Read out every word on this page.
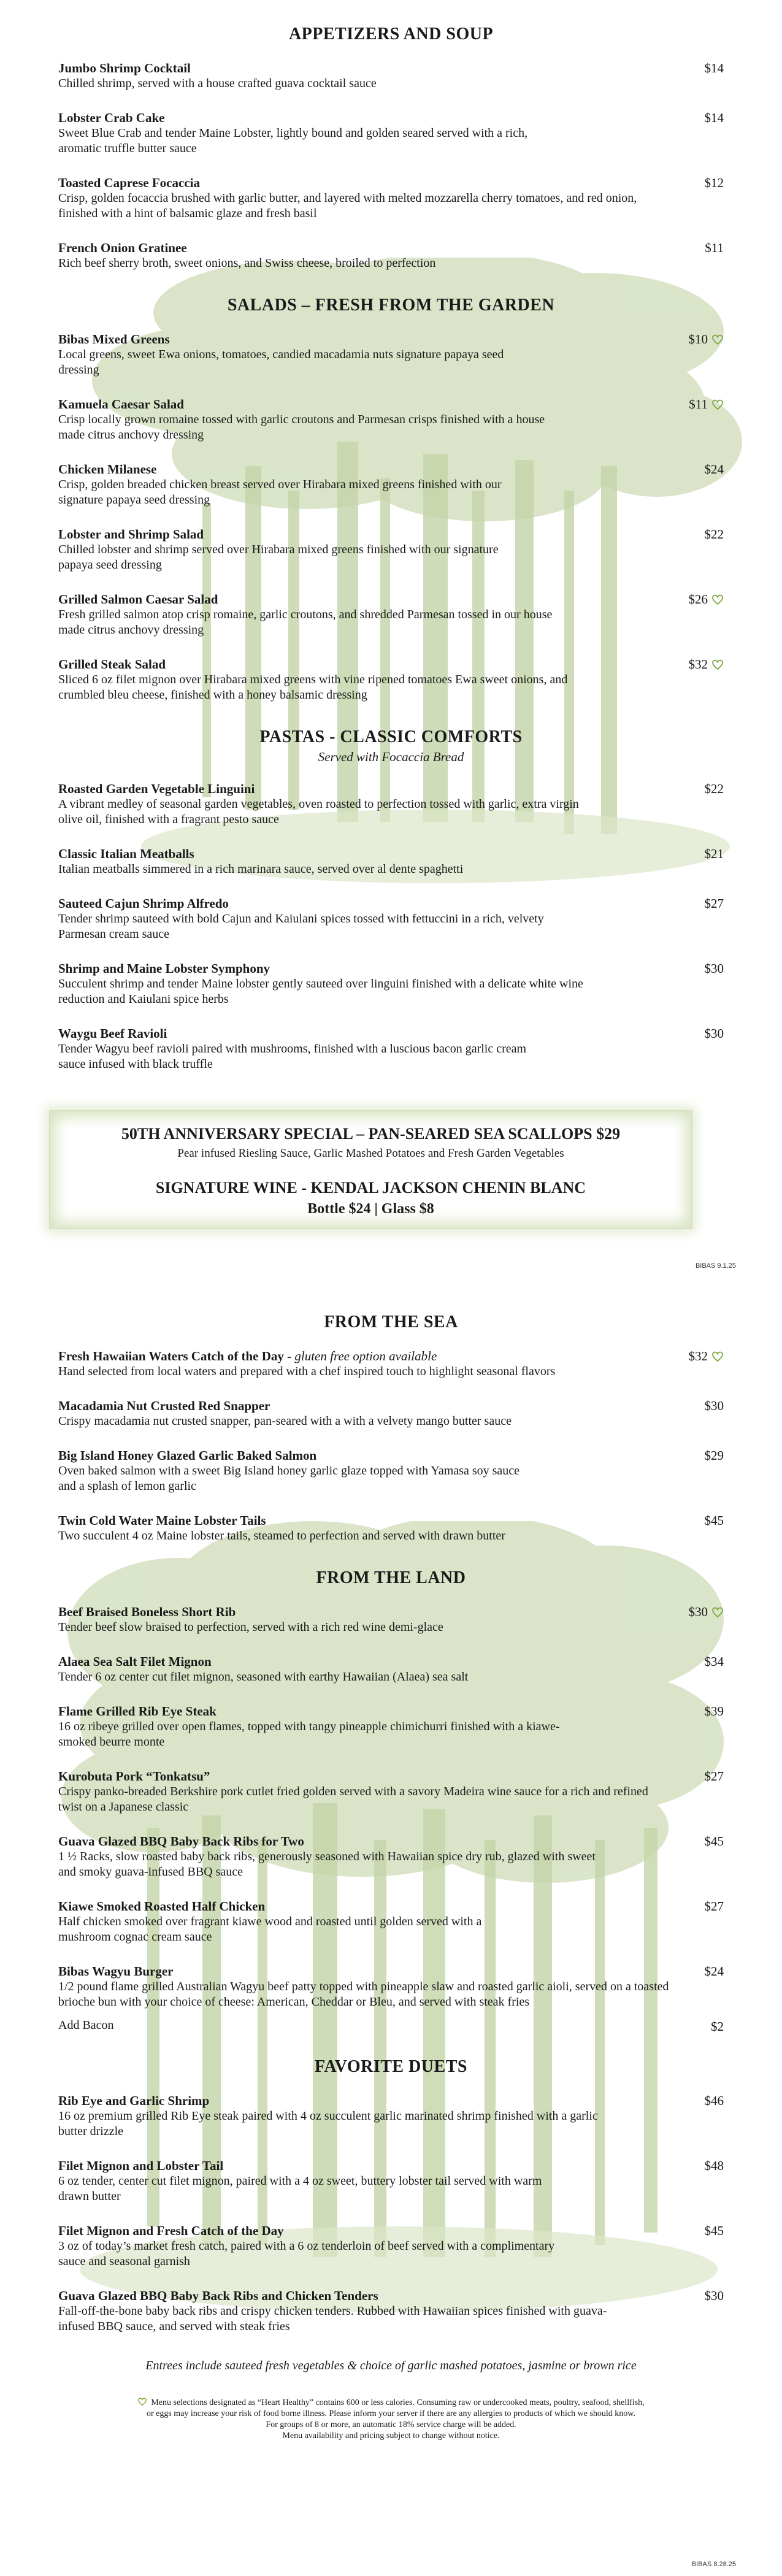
APPETIZERS AND SOUP
Jumbo Shrimp Cocktail
Chilled shrimp, served with a house crafted guava cocktail sauce
$14
Lobster Crab Cake
Sweet Blue Crab and tender Maine Lobster, lightly bound and golden seared served with a rich, aromatic truffle butter sauce
$14
Toasted Caprese Focaccia
Crisp, golden focaccia brushed with garlic butter, and layered with melted mozzarella cherry tomatoes, and red onion, finished with a hint of balsamic glaze and fresh basil
$12
French Onion Gratinee
Rich beef sherry broth, sweet onions, and Swiss cheese, broiled to perfection
$11
SALADS – FRESH FROM THE GARDEN
Bibas Mixed Greens
Local greens, sweet Ewa onions, tomatoes, candied macadamia nuts signature papaya seed dressing
$10
Kamuela Caesar Salad
Crisp locally grown romaine tossed with garlic croutons and Parmesan crisps finished with a house made citrus anchovy dressing
$11
Chicken Milanese
Crisp, golden breaded chicken breast served over Hirabara mixed greens finished with our signature papaya seed dressing
$24
Lobster and Shrimp Salad
Chilled lobster and shrimp served over Hirabara mixed greens finished with our signature papaya seed dressing
$22
Grilled Salmon Caesar Salad
Fresh grilled salmon atop crisp romaine, garlic croutons, and shredded Parmesan tossed in our house made citrus anchovy dressing
$26
Grilled Steak Salad
Sliced 6 oz filet mignon over Hirabara mixed greens with vine ripened tomatoes Ewa sweet onions, and crumbled bleu cheese, finished with a honey balsamic dressing
$32
PASTAS - CLASSIC COMFORTS
Served with Focaccia Bread
Roasted Garden Vegetable Linguini
A vibrant medley of seasonal garden vegetables, oven roasted to perfection tossed with garlic, extra virgin olive oil, finished with a fragrant pesto sauce
$22
Classic Italian Meatballs
Italian meatballs simmered in a rich marinara sauce, served over al dente spaghetti
$21
Sauteed Cajun Shrimp Alfredo
Tender shrimp sauteed with bold Cajun and Kaiulani spices tossed with fettuccini in a rich, velvety Parmesan cream sauce
$27
Shrimp and Maine Lobster Symphony
Succulent shrimp and tender Maine lobster gently sauteed over linguini finished with a delicate white wine reduction and Kaiulani spice herbs
$30
Waygu Beef Ravioli
Tender Wagyu beef ravioli paired with mushrooms, finished with a luscious bacon garlic cream sauce infused with black truffle
$30
50TH ANNIVERSARY SPECIAL – PAN-SEARED SEA SCALLOPS $29
Pear infused Riesling Sauce, Garlic Mashed Potatoes and Fresh Garden Vegetables
SIGNATURE WINE - KENDAL JACKSON CHENIN BLANC
Bottle $24 | Glass $8
BIBAS 9.1.25
FROM THE SEA
Fresh Hawaiian Waters Catch of the Day - gluten free option available
Hand selected from local waters and prepared with a chef inspired touch to highlight seasonal flavors
$32
Macadamia Nut Crusted Red Snapper
Crispy macadamia nut crusted snapper, pan-seared with a with a velvety mango butter sauce
$30
Big Island Honey Glazed Garlic Baked Salmon
Oven baked salmon with a sweet Big Island honey garlic glaze topped with Yamasa soy sauce and a splash of lemon garlic
$29
Twin Cold Water Maine Lobster Tails
Two succulent 4 oz Maine lobster tails, steamed to perfection and served with drawn butter
$45
FROM THE LAND
Beef Braised Boneless Short Rib
Tender beef slow braised to perfection, served with a rich red wine demi-glace
$30
Alaea Sea Salt Filet Mignon
Tender 6 oz center cut filet mignon, seasoned with earthy Hawaiian (Alaea) sea salt
$34
Flame Grilled Rib Eye Steak
16 oz ribeye grilled over open flames, topped with tangy pineapple chimichurri finished with a kiawe-smoked beurre monte
$39
Kurobuta Pork “Tonkatsu”
Crispy panko-breaded Berkshire pork cutlet fried golden served with a savory Madeira wine sauce for a rich and refined twist on a Japanese classic
$27
Guava Glazed BBQ Baby Back Ribs for Two
1 ½ Racks, slow roasted baby back ribs, generously seasoned with Hawaiian spice dry rub, glazed with sweet and smoky guava-infused BBQ sauce
$45
Kiawe Smoked Roasted Half Chicken
Half chicken smoked over fragrant kiawe wood and roasted until golden served with a mushroom cognac cream sauce
$27
Bibas Wagyu Burger
1/2 pound flame grilled Australian Wagyu beef patty topped with pineapple slaw and roasted garlic aioli, served on a toasted brioche bun with your choice of cheese: American, Cheddar or Bleu, and served with steak fries
$24
Add Bacon	$2
FAVORITE DUETS
Rib Eye and Garlic Shrimp
16 oz premium grilled Rib Eye steak paired with 4 oz succulent garlic marinated shrimp finished with a garlic butter drizzle
$46
Filet Mignon and Lobster Tail
6 oz tender, center cut filet mignon, paired with a 4 oz sweet, buttery lobster tail served with warm drawn butter
$48
Filet Mignon and Fresh Catch of the Day
3 oz of today’s market fresh catch, paired with a 6 oz tenderloin of beef served with a complimentary sauce and seasonal garnish
$45
Guava Glazed BBQ Baby Back Ribs and Chicken Tenders
Fall-off-the-bone baby back ribs and crispy chicken tenders. Rubbed with Hawaiian spices finished with guava-infused BBQ sauce, and served with steak fries
$30
Entrees include sauteed fresh vegetables & choice of garlic mashed potatoes, jasmine or brown rice
Menu selections designated as “Heart Healthy” contains 600 or less calories. Consuming raw or undercooked meats, poultry, seafood, shellfish,
or eggs may increase your risk of food borne illness. Please inform your server if there are any allergies to products of which we should know.
For groups of 8 or more, an automatic 18% service charge will be added.
Menu availability and pricing subject to change without notice.
BIBAS 8.28.25
